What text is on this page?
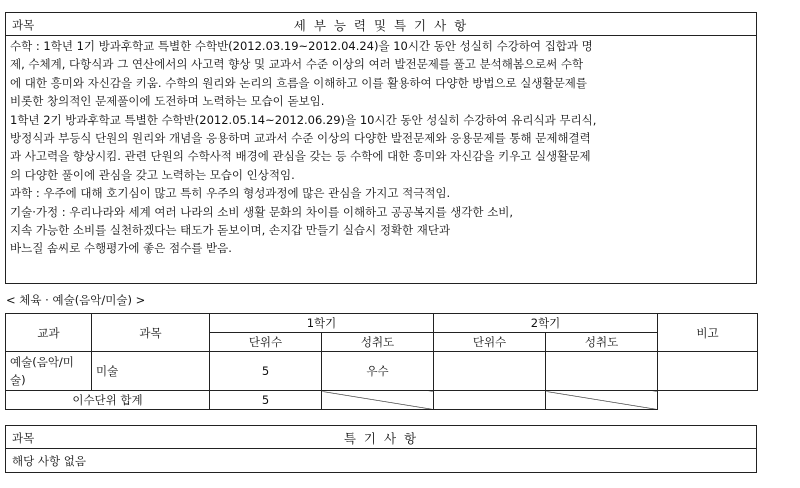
과목	세 부 능 력 및 특 기 사 항
수학 : 1학년 1기 방과후학교 특별한 수학반(2012.03.19~2012.04.24)을 10시간 동안 성실히 수강하여 집합과 명
제, 수체계, 다항식과 그 연산에서의 사고력 향상 및 교과서 수준 이상의 여러 발전문제를 풀고 분석해봄으로써 수학
에 대한 흥미와 자신감을 키움. 수학의 원리와 논리의 흐름을 이해하고 이를 활용하여 다양한 방법으로 실생활문제를
비롯한 창의적인 문제풀이에 도전하며 노력하는 모습이 돋보임.
1학년 2기 방과후학교 특별한 수학반(2012.05.14~2012.06.29)을 10시간 동안 성실히 수강하여 유리식과 무리식,
방정식과 부등식 단원의 원리와 개념을 응용하며 교과서 수준 이상의 다양한 발전문제와 응용문제를 통해 문제해결력
과 사고력을 향상시킴. 관련 단원의 수학사적 배경에 관심을 갖는 등 수학에 대한 흥미와 자신감을 키우고 실생활문제
의 다양한 풀이에 관심을 갖고 노력하는 모습이 인상적임.
과학 : 우주에 대해 호기심이 많고 특히 우주의 형성과정에 많은 관심을 가지고 적극적임.
기술·가정 : 우리나라와 세계 여러 나라의 소비 생활 문화의 차이를 이해하고 공공복지를 생각한 소비,
지속 가능한 소비를 실천하겠다는 태도가 돋보이며, 손지갑 만들기 실습시 정확한 재단과
바느질 솜씨로 수행평가에 좋은 점수를 받음.
< 체육 · 예술(음악/미술) >
교과	과목	1학기		2학기		비고
		단위수	성취도	단위수	성취도	
예술(음악/미술)	미술	5	우수			
이수단위 합계		5				
과목	특 기 사 항
해당 사항 없음
